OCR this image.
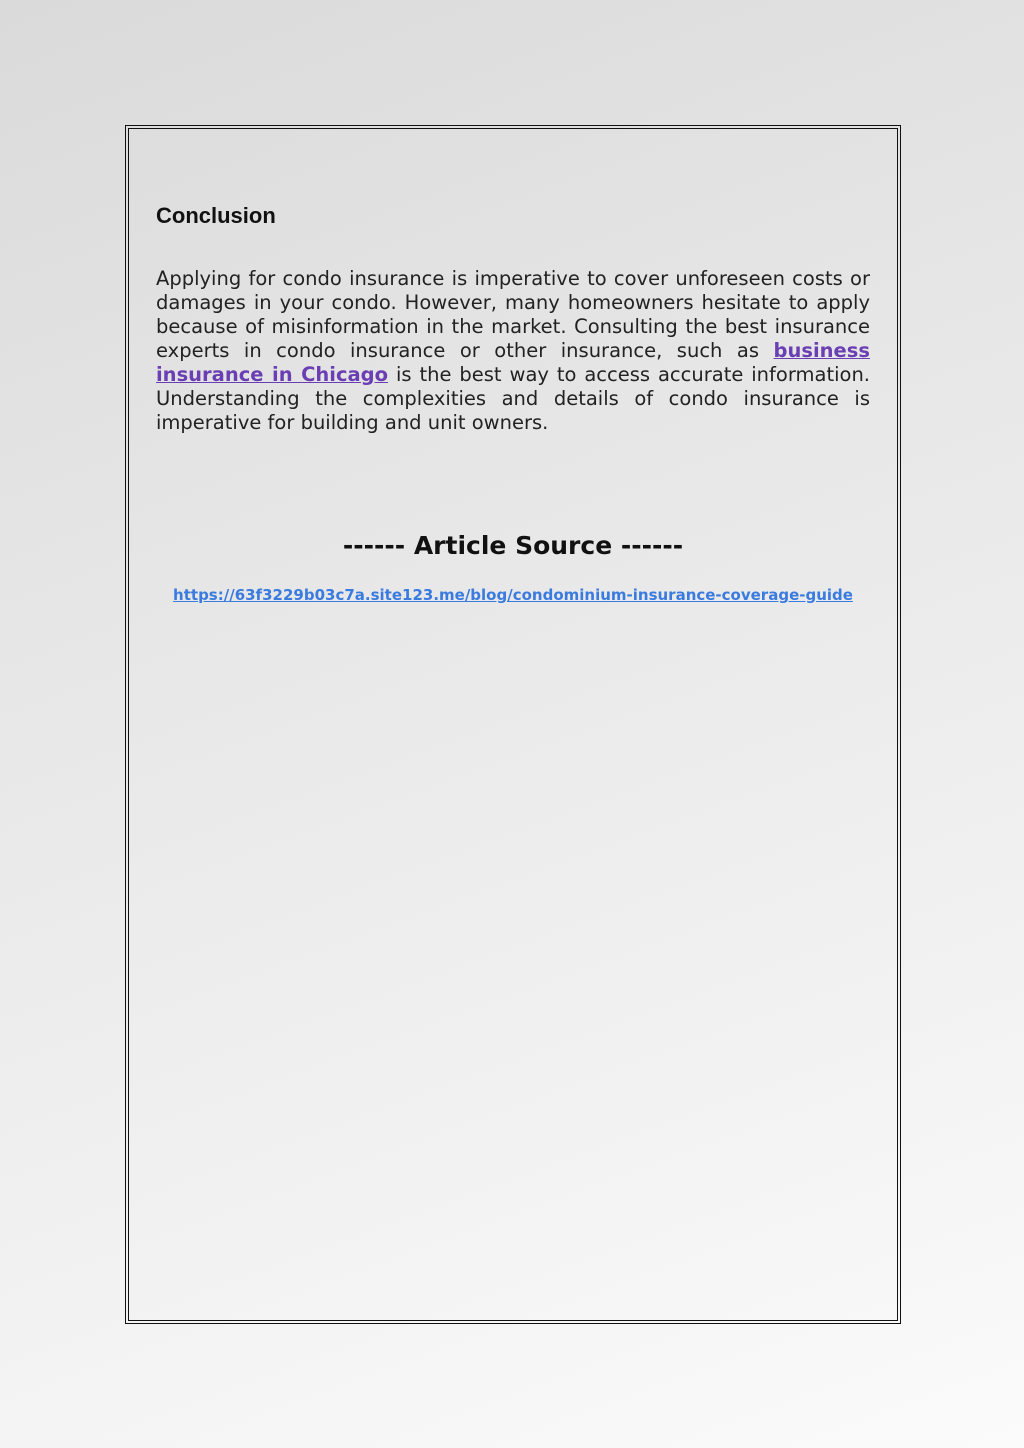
Conclusion

Applying for condo insurance is imperative to cover unforeseen costs or damages in your condo. However, many homeowners hesitate to apply because of misinformation in the market. Consulting the best insurance experts in condo insurance or other insurance, such as business insurance in Chicago is the best way to access accurate information. Understanding the complexities and details of condo insurance is imperative for building and unit owners.

------ Article Source ------
https://63f3229b03c7a.site123.me/blog/condominium-insurance-coverage-guide
